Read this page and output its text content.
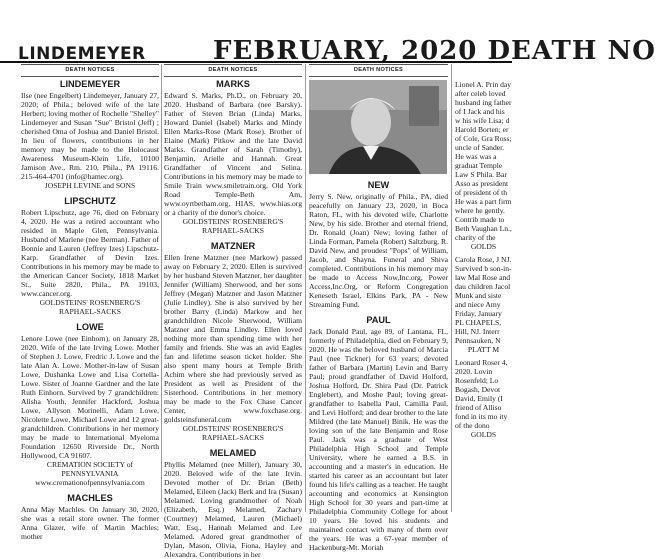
LINDEMEYER	FEBRUARY, 2020 DEATH NO
DEATH NOTICES
LINDEMEYER

Ilse (nee Engelbert) Lindemeyer, January 27, 2020; of Phila.; beloved wife of the late Herbert; loving mother of Rochelle "Shelley" Lindemeyer and Susan "Sue" Bristol (Jeff) ; cherished Oma of Joshua and Daniel Bristol. In lieu of flowers, contributions in her memory may be made to the Holocaust Awareness Museum-Klein Life, 10100 Jamison Ave., Rm. 210, Phila., PA 19116. 215-464-4701 (info@hamec.org).

JOSEPH LEVINE and SONS

LIPSCHUTZ

Robert Lipschutz, age 76, died on February 4, 2020. He was a retired accountant who resided in Maple Glen, Pennsylvania. Husband of Marlene (nee Berman). Father of Bonnie and Lauren (Jeffrey Izes) Lipschutz-Karp. Grandfather of Devin Izes. Contributions in his memory may be made to the American Cancer Society, 1818 Market St., Suite 2820, Phila., PA 19103, www.cancer.org.

GOLDSTEINS' ROSENBERG'S

RAPHAEL-SACKS

LOWE

Lenore Lowe (nee Einhorn), on January 28, 2020. Wife of the late Irving Lowe. Mother of Stephen J. Lowe, Fredric J. Lowe and the late Alan A. Lowe. Mother-in-law of Susan Lowe, Dushanka Lowe and Lisa Cortella-Lowe. Sister of Joanne Gardner and the late Ruth Einhorn. Survived by 7 grandchildren: Alisha Youth, Jennifer Hackford, Joshua Lowe, Allyson Morinelli, Adam Lowe, Nicolette Lowe, Michael Lowe and 12 great-grandchildren. Contributions in her memory may be made to International Myeloma Foundation 12650 Riverside Dr., North Hollywood, CA 91607.

CREMATION SOCIETY of PENNSYLVANIA

www.cremationofpennsylvania.com

MACHLES

Anna May Machles. On January 30, 2020, she was a retail store owner. The former Anna Glazer, wife of Martin Machles; mother

DEATH NOTICES
MARKS

Edward S. Marks, Ph.D., on February 20, 2020. Husband of Barbara (nee Barsky). Father of Steven Brian (Linda) Marks, Howard Daniel (Isabel) Marks and Mindy Ellen Marks-Rose (Mark Rose). Brother of Elaine (Mark) Pitkow and the late David Marks. Grandfather of Sarah (Timothy), Benjamin, Arielle and Hannah. Great Grandfather of Vincent and Selina. Contributions in his memory may be made to Smile Train www.smiletrain.org, Old York Road Temple-Beth Am, www.oyrtbetham.org, HIAS, www.hias.org or a charity of the donor's choice.

GOLDSTEINS' ROSENBERG'S

RAPHAEL-SACKS

MATZNER

Ellen Irene Matzner (nee Markow) passed away on February 2, 2020. Ellen is survived by her husband Steven Matzner, her daughter Jennifer (William) Sherwood, and her sons Jeffrey (Megan) Matzner and Jason Matzner (Julie Lindley). She is also survived by her brother Barry (Linda) Markow and her grandchildren Nicole Sherwood, William Matzner and Emma Lindley. Ellen loved nothing more than spending time with her family and friends. She was an avid Eagles fan and lifetime season ticket holder. She also spent many hours at Temple Brith Achim where she had previously served as President as well as President of the Sisterhood. Contributions in her memory may be made to the Fox Chase Cancer Center, www.foxchase.org. goldsteinsfuneral.com

GOLDSTEINS' ROSENBERG'S

RAPHAEL-SACKS

MELAMED

Phyllis Melamed (nee Miller), January 30, 2020. Beloved wife of the late Irvin. Devoted mother of Dr. Brian (Beth) Melamed, Eileen (Jack) Berk and Ira (Susan) Melamed. Loving grandmother of Noah (Elizabeth, Esq.) Melamed, Zachary (Courtney) Melamed, Lauren (Michael) Watt, Esq., Hannah Melamed and Lee Melamed. Adored great grandmother of Dylan, Mason, Olivia, Fiona, Hayley and Alexandra. Contributions in her

DEATH NOTICES
NEW

Jerry S. New, originally of Phila., PA, died peacefully on January 23, 2020, in Boca Raton, FL, with his devoted wife, Charlotte New, by his side. Brother and eternal friend, Dr. Ronald (Joan) New; loving father of Linda Forman, Pamela (Robert) Saltzburg, R. David New, and proudest "Pops" of William, Jacob, and Shayna. Funeral and Shiva completed. Contributions in his memory may be made to Access Now,Inc.org, Power Access,Inc.Org, or Reform Congregation Keneseth Israel, Elkins Park, PA - New Streaming Fund.

PAUL

Jack Donald Paul, age 89, of Lantana, FL, formerly of Philadelphia, died on February 9, 2020. He was the beloved husband of Marcia Paul (nee Tickner) for 63 years; devoted father of Barbara (Martin) Levin and Barry Paul; proud grandfather of David Holford, Joshua Holford, Dr. Shira Paul (Dr. Patrick Englebert), and Moshe Paul; loving great-grandfather to Isabella Paul, Camilla Paul, and Levi Holford; and dear brother to the late Mildred (the late Manuel) Binik. He was the loving son of the late Benjamin and Rose Paul. Jack was a graduate of West Philadelphia High School and Temple University, where he earned a B.S. in accounting and a master's in education. He started his career as an accountant but later found his life's calling as a teacher. He taught accounting and economics at Kensington High School for 30 years and part-time at Philadelphia Community College for about 10 years. He loved his students and maintained contact with many of them over the years. He was a 67-year member of Hackenburg-Mt. Moriah

Lionel A. Prin day after celeb loved husband ing father of I Jack and his w his wife Lisa; d Harold Borten; er of Cole, Gra Ross; uncle of Sander. He was was a graduat Temple Law S Phila. Bar Asso as president of president of th He was a part firm where he gently. Contrib made to Beth Vaughan Ln., charity of the

GOLDS

Carola Rose, J NJ. Survived b son-in-law Mal Rose and dau children Jacol Munk and siste and niece Amy Friday, January PL CHAPELS, Hill, NJ. Interr Pennsauken, N

PLATT M

Leonard Roser 4, 2020. Lovin Rosenfeld; Lo Bogash, Devot David, Emily (I friend of Alliso fond in its mo ity of the dono

GOLDS
